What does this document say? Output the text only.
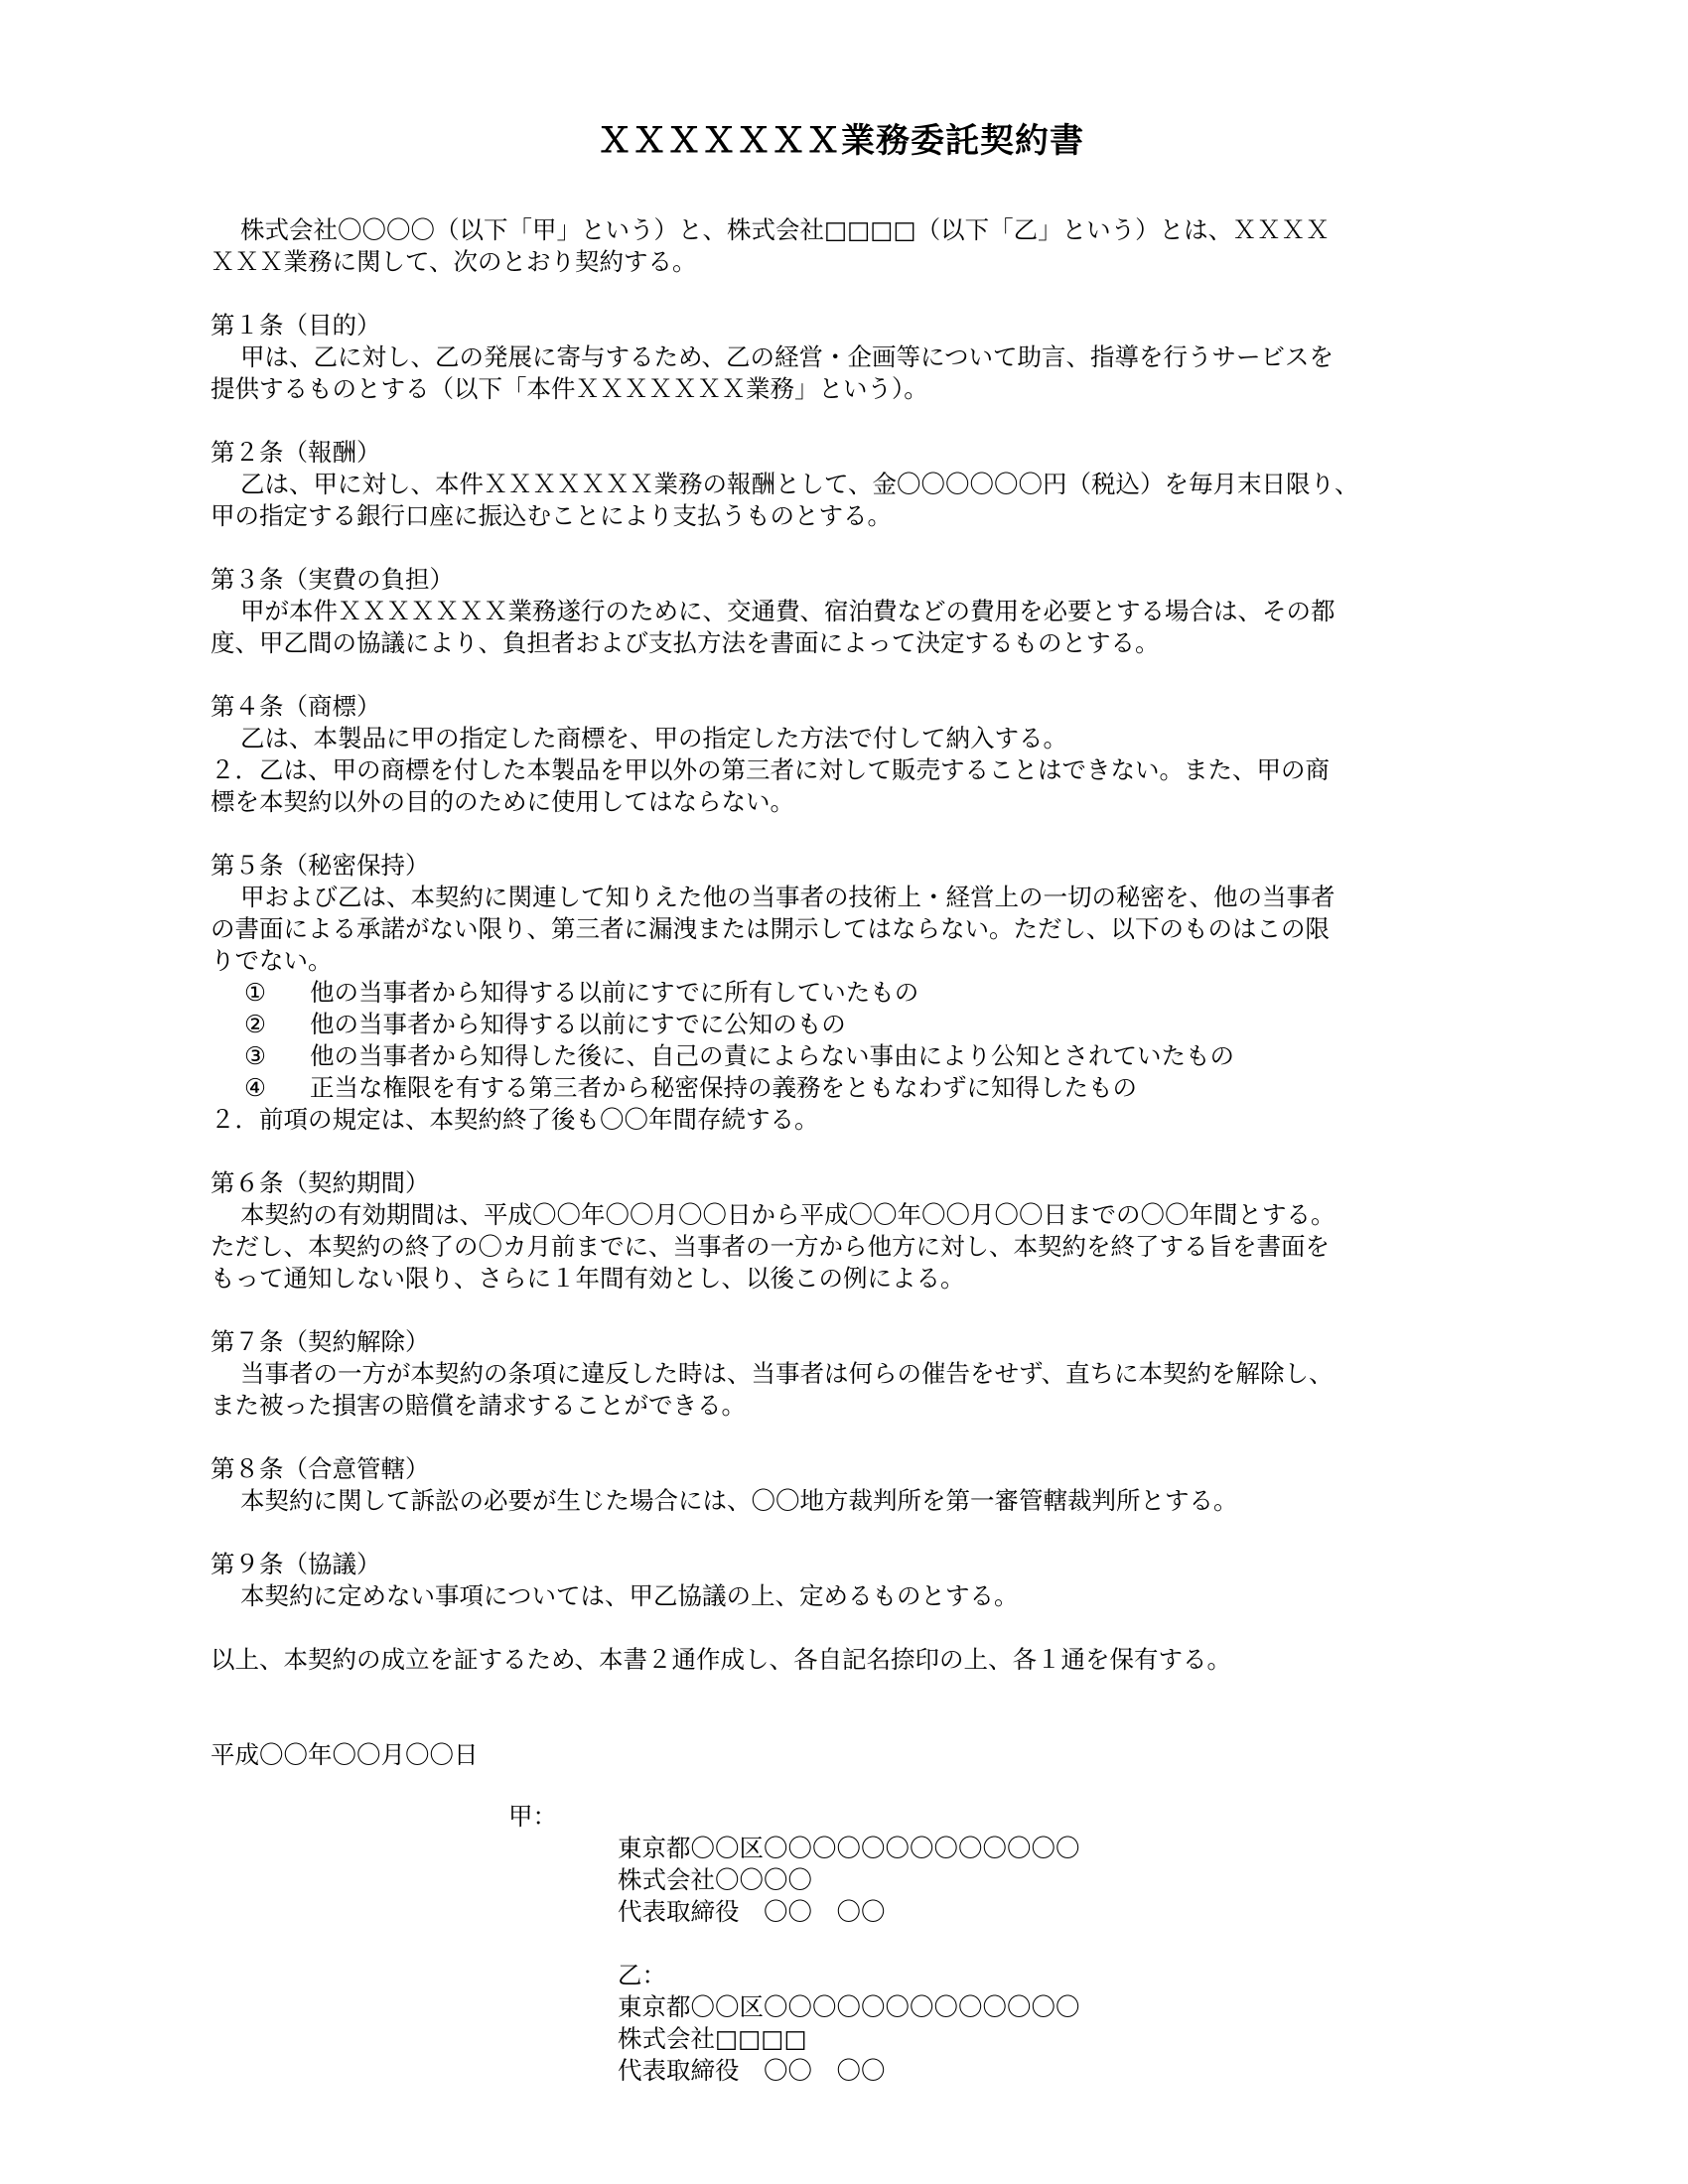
ＸＸＸＸＸＸＸ業務委託契約書
株式会社〇〇〇〇（以下「甲」という）と、株式会社□□□□（以下「乙」という）とは、ＸＸＸＸ
ＸＸＸ業務に関して、次のとおり契約する。
第１条（目的）
甲は、乙に対し、乙の発展に寄与するため、乙の経営・企画等について助言、指導を行うサービスを
提供するものとする（以下「本件ＸＸＸＸＸＸＸ業務」という）。
第２条（報酬）
乙は、甲に対し、本件ＸＸＸＸＸＸＸ業務の報酬として、金〇〇〇〇〇〇円（税込）を毎月末日限り、
甲の指定する銀行口座に振込むことにより支払うものとする。
第３条（実費の負担）
甲が本件ＸＸＸＸＸＸＸ業務遂行のために、交通費、宿泊費などの費用を必要とする場合は、その都
度、甲乙間の協議により、負担者および支払方法を書面によって決定するものとする。
第４条（商標）
乙は、本製品に甲の指定した商標を、甲の指定した方法で付して納入する。
２．乙は、甲の商標を付した本製品を甲以外の第三者に対して販売することはできない。また、甲の商
標を本契約以外の目的のために使用してはならない。
第５条（秘密保持）
甲および乙は、本契約に関連して知りえた他の当事者の技術上・経営上の一切の秘密を、他の当事者
の書面による承諾がない限り、第三者に漏洩または開示してはならない。ただし、以下のものはこの限
りでない。
① 他の当事者から知得する以前にすでに所有していたもの
② 他の当事者から知得する以前にすでに公知のもの
③ 他の当事者から知得した後に、自己の責によらない事由により公知とされていたもの
④ 正当な権限を有する第三者から秘密保持の義務をともなわずに知得したもの
２．前項の規定は、本契約終了後も〇〇年間存続する。
第６条（契約期間）
本契約の有効期間は、平成〇〇年〇〇月〇〇日から平成〇〇年〇〇月〇〇日までの〇〇年間とする。
ただし、本契約の終了の〇カ月前までに、当事者の一方から他方に対し、本契約を終了する旨を書面を
もって通知しない限り、さらに１年間有効とし、以後この例による。
第７条（契約解除）
当事者の一方が本契約の条項に違反した時は、当事者は何らの催告をせず、直ちに本契約を解除し、
また被った損害の賠償を請求することができる。
第８条（合意管轄）
本契約に関して訴訟の必要が生じた場合には、〇〇地方裁判所を第一審管轄裁判所とする。
第９条（協議）
本契約に定めない事項については、甲乙協議の上、定めるものとする。
以上、本契約の成立を証するため、本書２通作成し、各自記名捺印の上、各１通を保有する。
平成〇〇年〇〇月〇〇日
甲：
東京都〇〇区〇〇〇〇〇〇〇〇〇〇〇〇〇
株式会社〇〇〇〇
代表取締役　〇〇　〇〇
乙：
東京都〇〇区〇〇〇〇〇〇〇〇〇〇〇〇〇
株式会社□□□□
代表取締役　〇〇　〇〇
